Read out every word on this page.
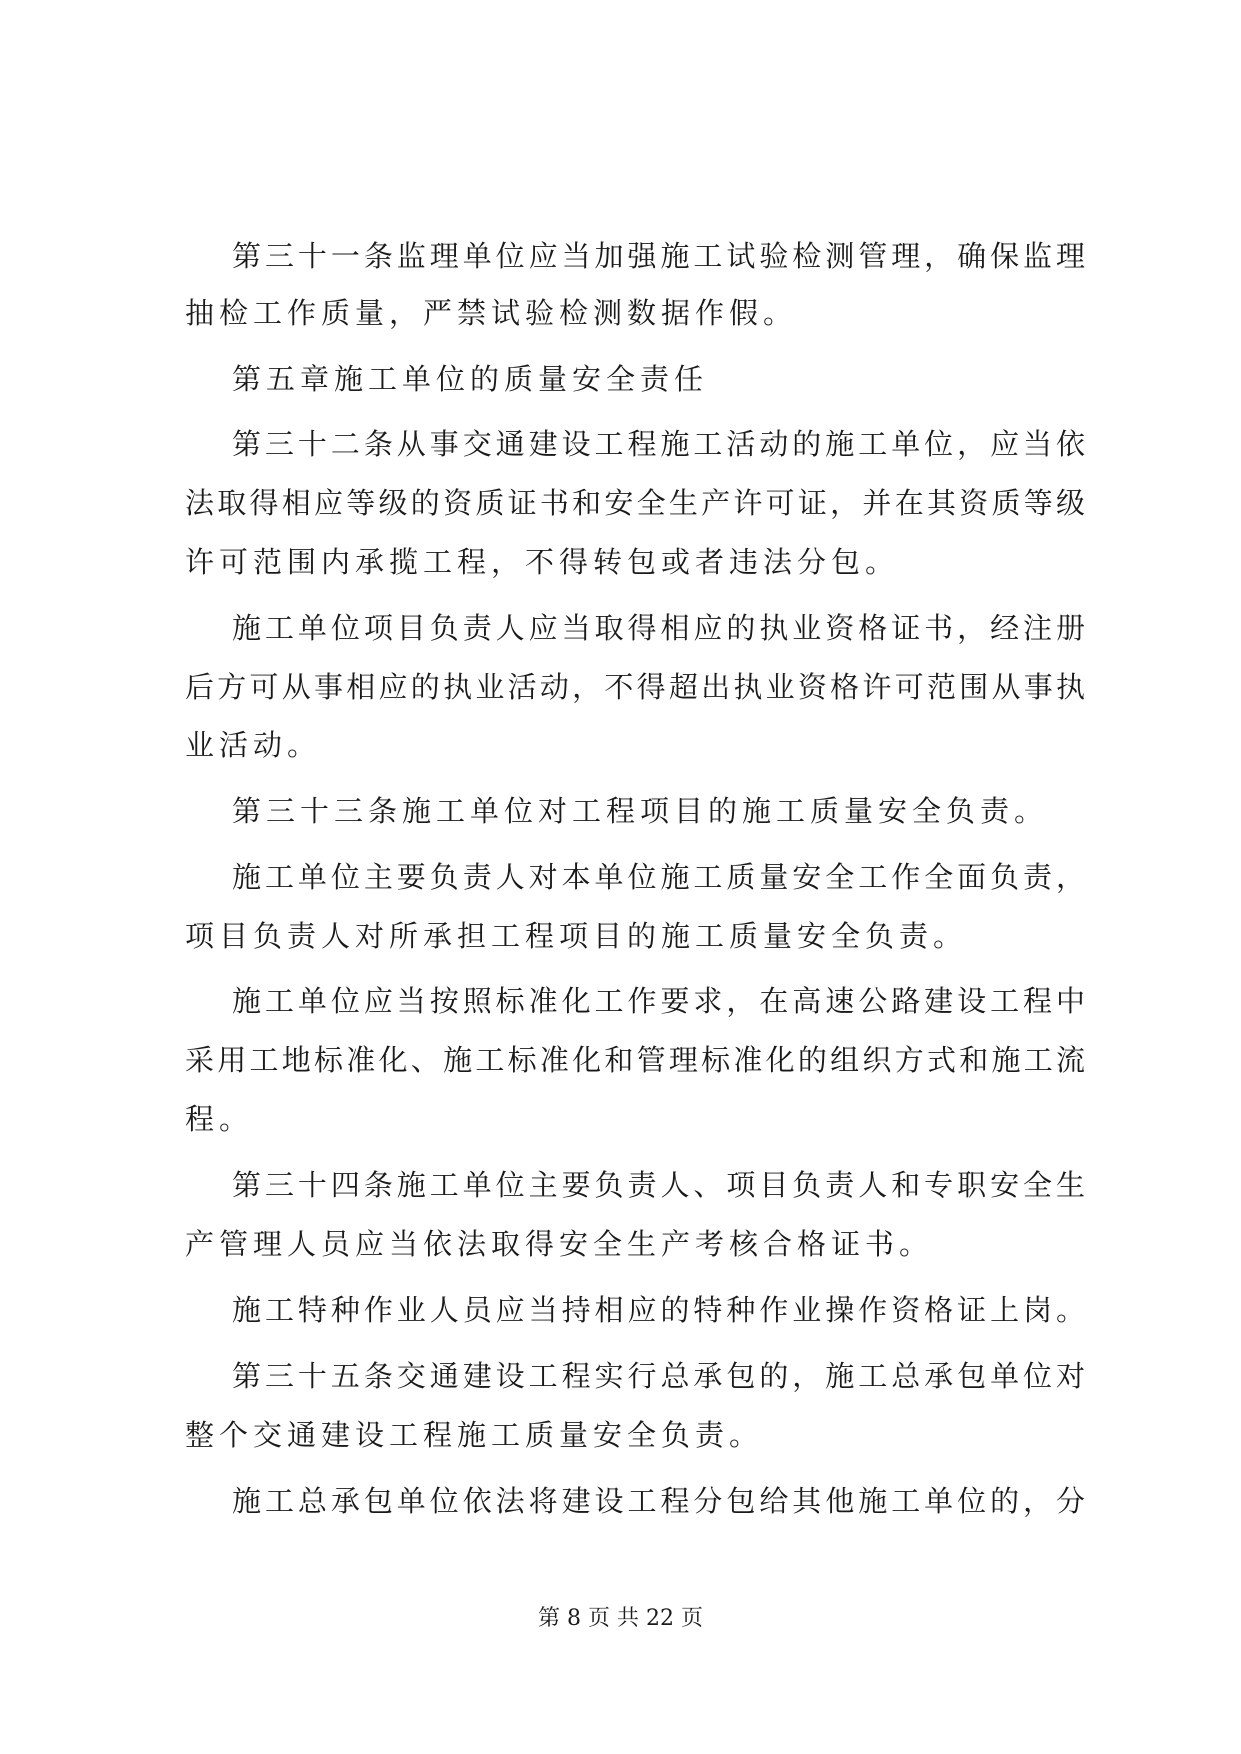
第三十一条监理单位应当加强施工试验检测管理，确保监理
抽检工作质量，严禁试验检测数据作假。
第五章施工单位的质量安全责任
第三十二条从事交通建设工程施工活动的施工单位，应当依
法取得相应等级的资质证书和安全生产许可证，并在其资质等级
许可范围内承揽工程，不得转包或者违法分包。
施工单位项目负责人应当取得相应的执业资格证书，经注册
后方可从事相应的执业活动，不得超出执业资格许可范围从事执
业活动。
第三十三条施工单位对工程项目的施工质量安全负责。
施工单位主要负责人对本单位施工质量安全工作全面负责，
项目负责人对所承担工程项目的施工质量安全负责。
施工单位应当按照标准化工作要求，在高速公路建设工程中
采用工地标准化、施工标准化和管理标准化的组织方式和施工流
程。
第三十四条施工单位主要负责人、项目负责人和专职安全生
产管理人员应当依法取得安全生产考核合格证书。
施工特种作业人员应当持相应的特种作业操作资格证上岗。
第三十五条交通建设工程实行总承包的，施工总承包单位对
整个交通建设工程施工质量安全负责。
施工总承包单位依法将建设工程分包给其他施工单位的，分
第 8 页 共 22 页
